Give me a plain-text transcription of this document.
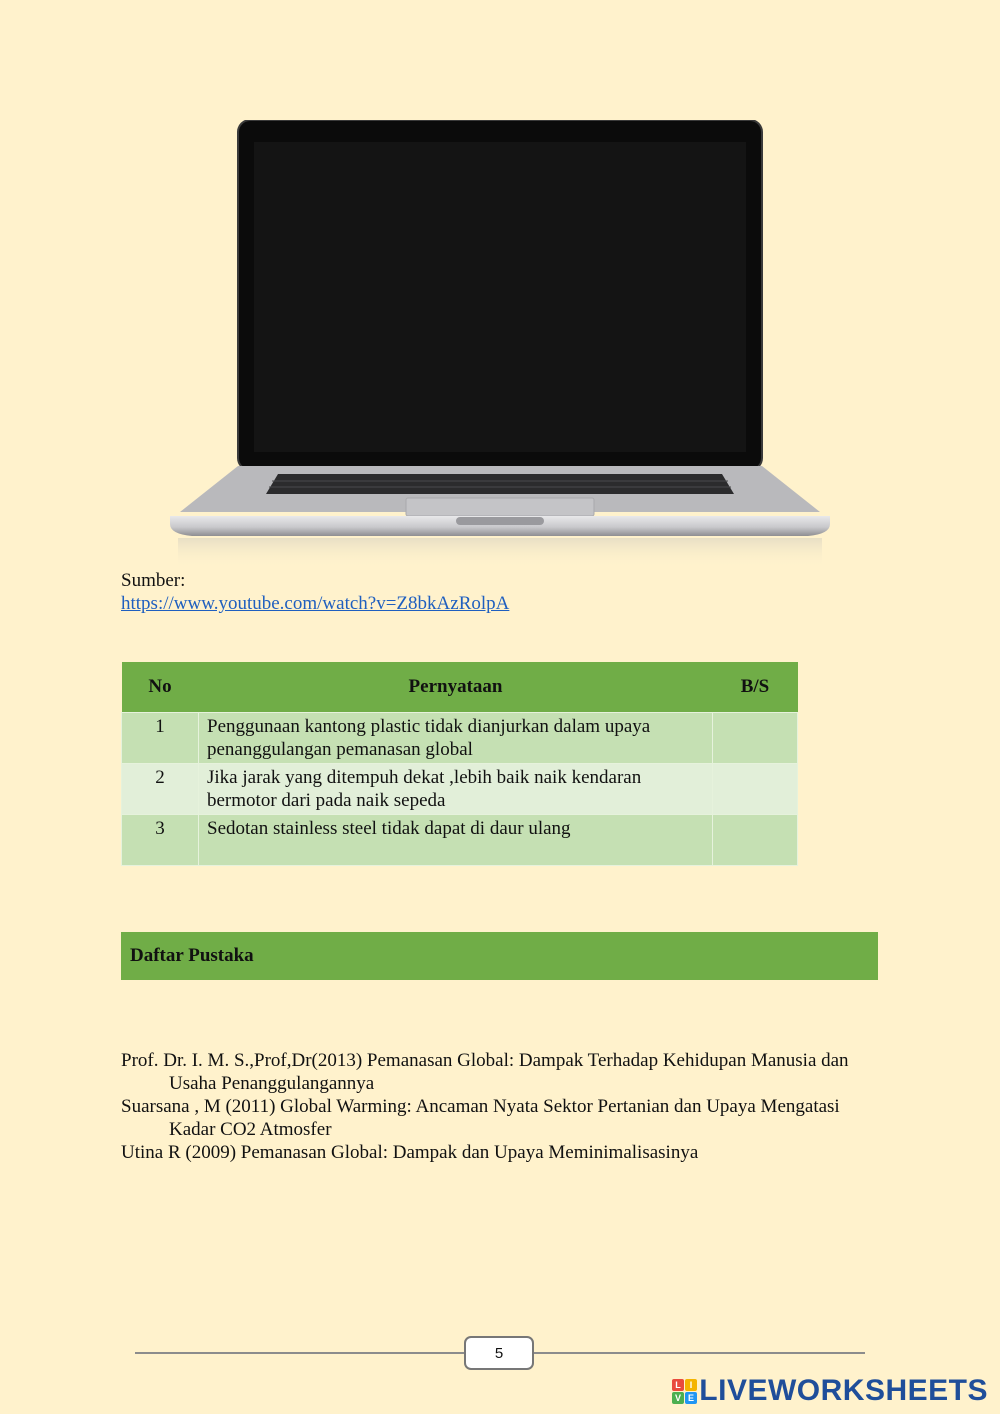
Sumber:
https://www.youtube.com/watch?v=Z8bkAzRolpA
No	Pernyataan	B/S
1	Penggunaan kantong plastic tidak dianjurkan dalam upaya penanggulangan pemanasan global	
2	Jika jarak yang ditempuh dekat ,lebih baik naik kendaran bermotor dari pada naik sepeda	
3	Sedotan stainless steel tidak dapat di daur ulang	
Daftar Pustaka

Prof. Dr. I. M. S.,Prof,Dr(2013) Pemanasan Global: Dampak Terhadap Kehidupan Manusia dan Usaha Penanggulangannya

Suarsana , M (2011) Global Warming: Ancaman Nyata Sektor Pertanian dan Upaya Mengatasi Kadar CO2 Atmosfer

Utina R (2009) Pemanasan Global: Dampak dan Upaya Meminimalisasinya

5
L I
V E LIVEWORKSHEETS
